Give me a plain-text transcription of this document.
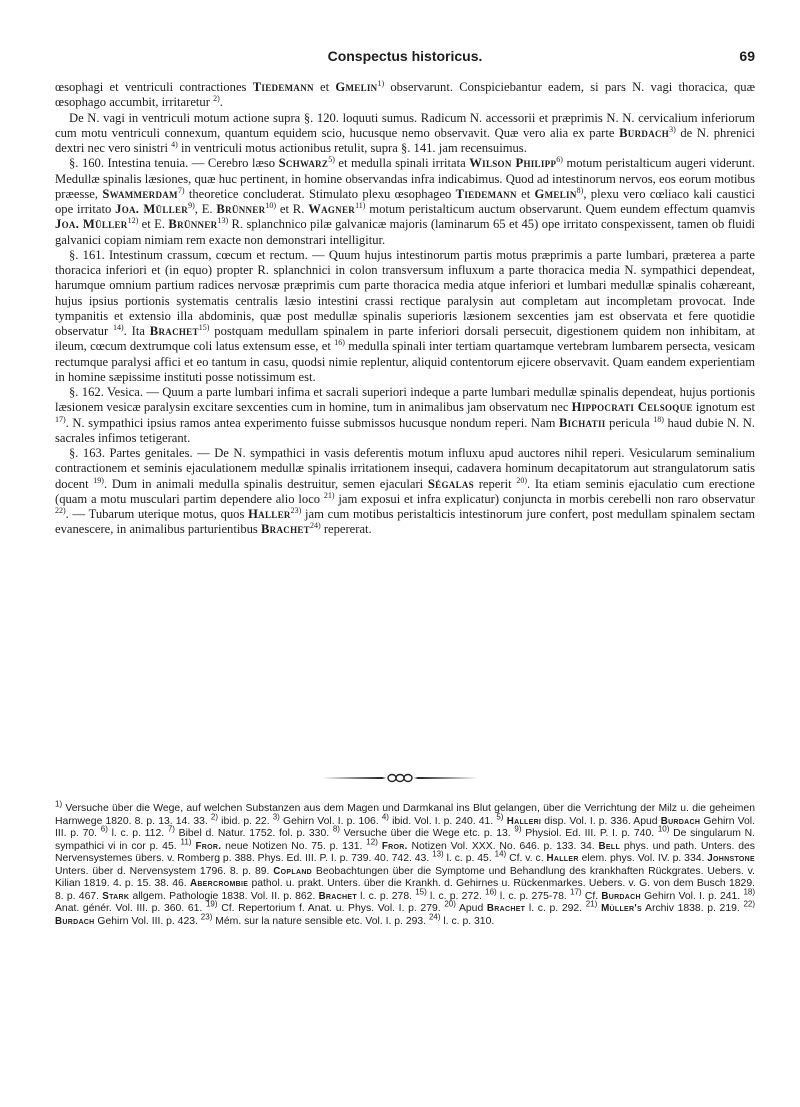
Conspectus historicus.	69

œsophagi et ventriculi contractiones Tiedemann et Gmelin$^{1)}$ observarunt. Conspiciebantur eadem, si pars N. vagi thoracica, quæ œsophago accumbit, irritaretur $^{2)}$.

De N. vagi in ventriculi motum actione supra §. 120. loquuti sumus. Radicum N. accessorii et præprimis N. N. cervicalium inferiorum cum motu ventriculi connexum, quantum equidem scio, hucusque nemo observavit. Quæ vero alia ex parte Burdach$^{3)}$ de N. phrenici dextri nec vero sinistri $^{4)}$ in ventriculi motus actionibus retulit, supra §. 141. jam recensuimus.

§. 160. Intestina tenuia. — Cerebro læso Schwarz$^{5)}$ et medulla spinali irritata Wilson Philipp$^{6)}$ motum peristalticum augeri viderunt. Medullæ spinalis læsiones, quæ huc pertinent, in homine observandas infra indicabimus. Quod ad intestinorum nervos, eos eorum motibus præesse, Swammerdam$^{7)}$ theoretice concluderat. Stimulato plexu œsophageo Tiedemann et Gmelin$^{8)}$, plexu vero cœliaco kali caustici ope irritato Joa. Müller$^{9)}$, E. Brünner$^{10)}$ et R. Wagner$^{11)}$ motum peristalticum auctum observarunt. Quem eundem effectum quamvis Joa. Müller$^{12)}$ et E. Brünner$^{13)}$ R. splanchnico pilæ galvanicæ majoris (laminarum 65 et 45) ope irritato conspexissent, tamen ob fluidi galvanici copiam nimiam rem exacte non demonstrari intelligitur.

§. 161. Intestinum crassum, cœcum et rectum. — Quum hujus intestinorum partis motus præprimis a parte lumbari, præterea a parte thoracica inferiori et (in equo) propter R. splanchnici in colon transversum influxum a parte thoracica media N. sympathici dependeat, harumque omnium partium radices nervosæ præprimis cum parte thoracica media atque inferiori et lumbari medullæ spinalis cohæreant, hujus ipsius portionis systematis centralis læsio intestini crassi rectique paralysin aut completam aut incompletam provocat. Inde tympanitis et extensio illa abdominis, quæ post medullæ spinalis superioris læsionem sexcenties jam est observata et fere quotidie observatur $^{14)}$. Ita Brachet$^{15)}$ postquam medullam spinalem in parte inferiori dorsali persecuit, digestionem quidem non inhibitam, at ileum, cœcum dextrumque coli latus extensum esse, et $^{16)}$ medulla spinali inter tertiam quartamque vertebram lumbarem persecta, vesicam rectumque paralysi affici et eo tantum in casu, quodsi nimie replentur, aliquid contentorum ejicere observavit. Quam eandem experientiam in homine sæpissime instituti posse notissimum est.

§. 162. Vesica. — Quum a parte lumbari infima et sacrali superiori indeque a parte lumbari medullæ spinalis dependeat, hujus portionis læsionem vesicæ paralysin excitare sexcenties cum in homine, tum in animalibus jam observatum nec Hippocrati Celsoque ignotum est $^{17)}$. N. sympathici ipsius ramos antea experimento fuisse submissos hucusque nondum reperi. Nam Bichatii pericula $^{18)}$ haud dubie N. N. sacrales infimos tetigerant.

§. 163. Partes genitales. — De N. sympathici in vasis deferentis motum influxu apud auctores nihil reperi. Vesicularum seminalium contractionem et seminis ejaculationem medullæ spinalis irritationem insequi, cadavera hominum decapitatorum aut strangulatorum satis docent $^{19)}$. Dum in animali medulla spinalis destruitur, semen ejaculari Ségalas reperit $^{20)}$. Ita etiam seminis ejaculatio cum erectione (quam a motu musculari partim dependere alio loco $^{21)}$ jam exposui et infra explicatur) conjuncta in morbis cerebelli non raro observatur $^{22)}$. — Tubarum uterique motus, quos Haller$^{23)}$ jam cum motibus peristalticis intestinorum jure confert, post medullam spinalem sectam evanescere, in animalibus parturientibus Brachet$^{24)}$ repererat.

$^{1)}$ Versuche über die Wege, auf welchen Substanzen aus dem Magen und Darmkanal ins Blut gelangen, über die Verrichtung der Milz u. die geheimen Harnwege 1820. 8. p. 13. 14. 33. $^{2)}$ ibid. p. 22. $^{3)}$ Gehirn Vol. I. p. 106. $^{4)}$ ibid. Vol. I. p. 240. 41. $^{5)}$ Halleri disp. Vol. I. p. 336. Apud Burdach Gehirn Vol. III. p. 70. $^{6)}$ l. c. p. 112. $^{7)}$ Bibel d. Natur. 1752. fol. p. 330. $^{8)}$ Versuche über die Wege etc. p. 13. $^{9)}$ Physiol. Ed. III. P. I. p. 740. $^{10)}$ De singularum N. sympathici vi in cor p. 45. $^{11)}$ Fror. neue Notizen No. 75. p. 131. $^{12)}$ Fror. Notizen Vol. XXX. No. 646. p. 133. 34. Bell phys. und path. Unters. des Nervensystemes übers. v. Romberg p. 388. Phys. Ed. III. P. I. p. 739. 40. 742. 43. $^{13)}$ l. c. p. 45. $^{14)}$ Cf. v. c. Haller elem. phys. Vol. IV. p. 334. Johnstone Unters. über d. Nervensystem 1796. 8. p. 89. Copland Beobachtungen über die Symptome und Behandlung des krankhaften Rückgrates. Uebers. v. Kilian 1819. 4. p. 15. 38. 46. Abercrombie pathol. u. prakt. Unters. über die Krankh. d. Gehirnes u. Rückenmarkes. Uebers. v. G. von dem Busch 1829. 8. p. 467. Stark allgem. Pathologie 1838. Vol. II. p. 862. Brachet l. c. p. 278. $^{15)}$ l. c. p. 272. $^{16)}$ l. c. p. 275-78. $^{17)}$ Cf. Burdach Gehirn Vol. I. p. 241. $^{18)}$ Anat. génér. Vol. III. p. 360. 61. $^{19)}$ Cf. Repertorium f. Anat. u. Phys. Vol. I. p. 279. $^{20)}$ Apud Brachet l. c. p. 292. $^{21)}$ Müller's Archiv 1838. p. 219. $^{22)}$ Burdach Gehirn Vol. III. p. 423. $^{23)}$ Mém. sur la nature sensible etc. Vol. I. p. 293. $^{24)}$ l. c. p. 310.
